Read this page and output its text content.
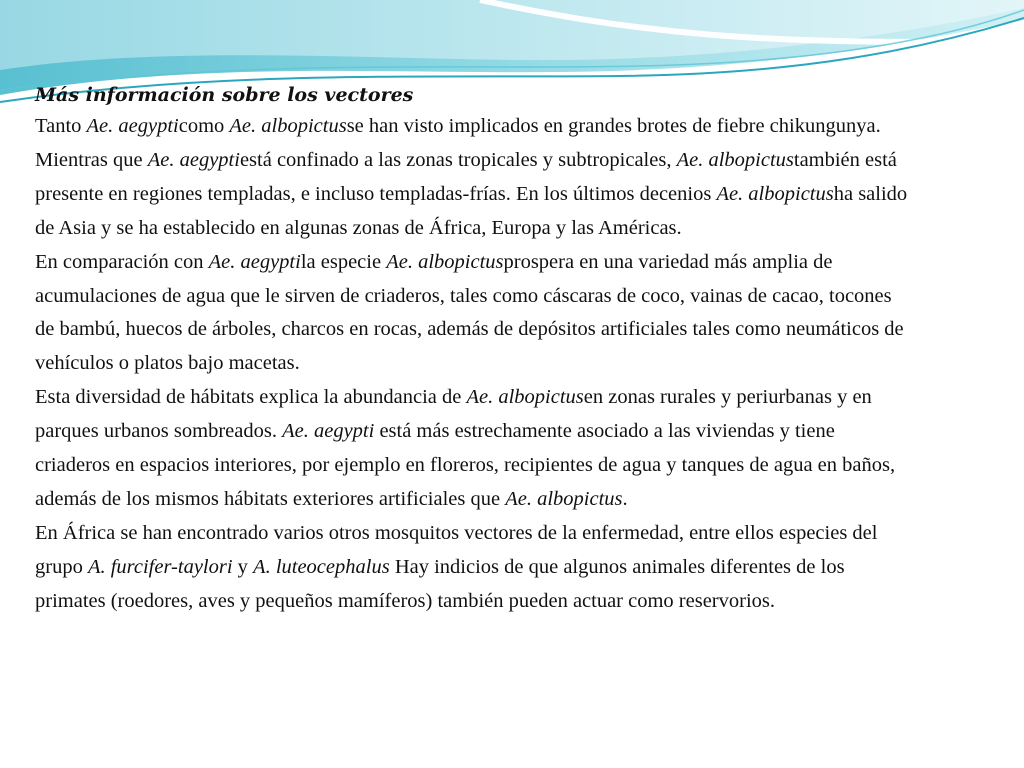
Más información sobre los vectores

Tanto Ae. aegypticomo Ae. albopictusse han visto implicados en grandes brotes de fiebre chikungunya. Mientras que Ae. aegyptiestá confinado a las zonas tropicales y subtropicales, Ae. albopictustambién está presente en regiones templadas, e incluso templadas-frías. En los últimos decenios Ae. albopictusha salido de Asia y se ha establecido en algunas zonas de África, Europa y las Américas.

En comparación con Ae. aegyptila especie Ae. albopictusprospera en una variedad más amplia de acumulaciones de agua que le sirven de criaderos, tales como cáscaras de coco, vainas de cacao, tocones de bambú, huecos de árboles, charcos en rocas, además de depósitos artificiales tales como neumáticos de vehículos o platos bajo macetas.

Esta diversidad de hábitats explica la abundancia de Ae. albopictusen zonas rurales y periurbanas y en parques urbanos sombreados. Ae. aegypti está más estrechamente asociado a las viviendas y tiene criaderos en espacios interiores, por ejemplo en floreros, recipientes de agua y tanques de agua en baños, además de los mismos hábitats exteriores artificiales que Ae. albopictus.

En África se han encontrado varios otros mosquitos vectores de la enfermedad, entre ellos especies del grupo A. furcifer-taylori y A. luteocephalus Hay indicios de que algunos animales diferentes de los primates (roedores, aves y pequeños mamíferos) también pueden actuar como reservorios.
